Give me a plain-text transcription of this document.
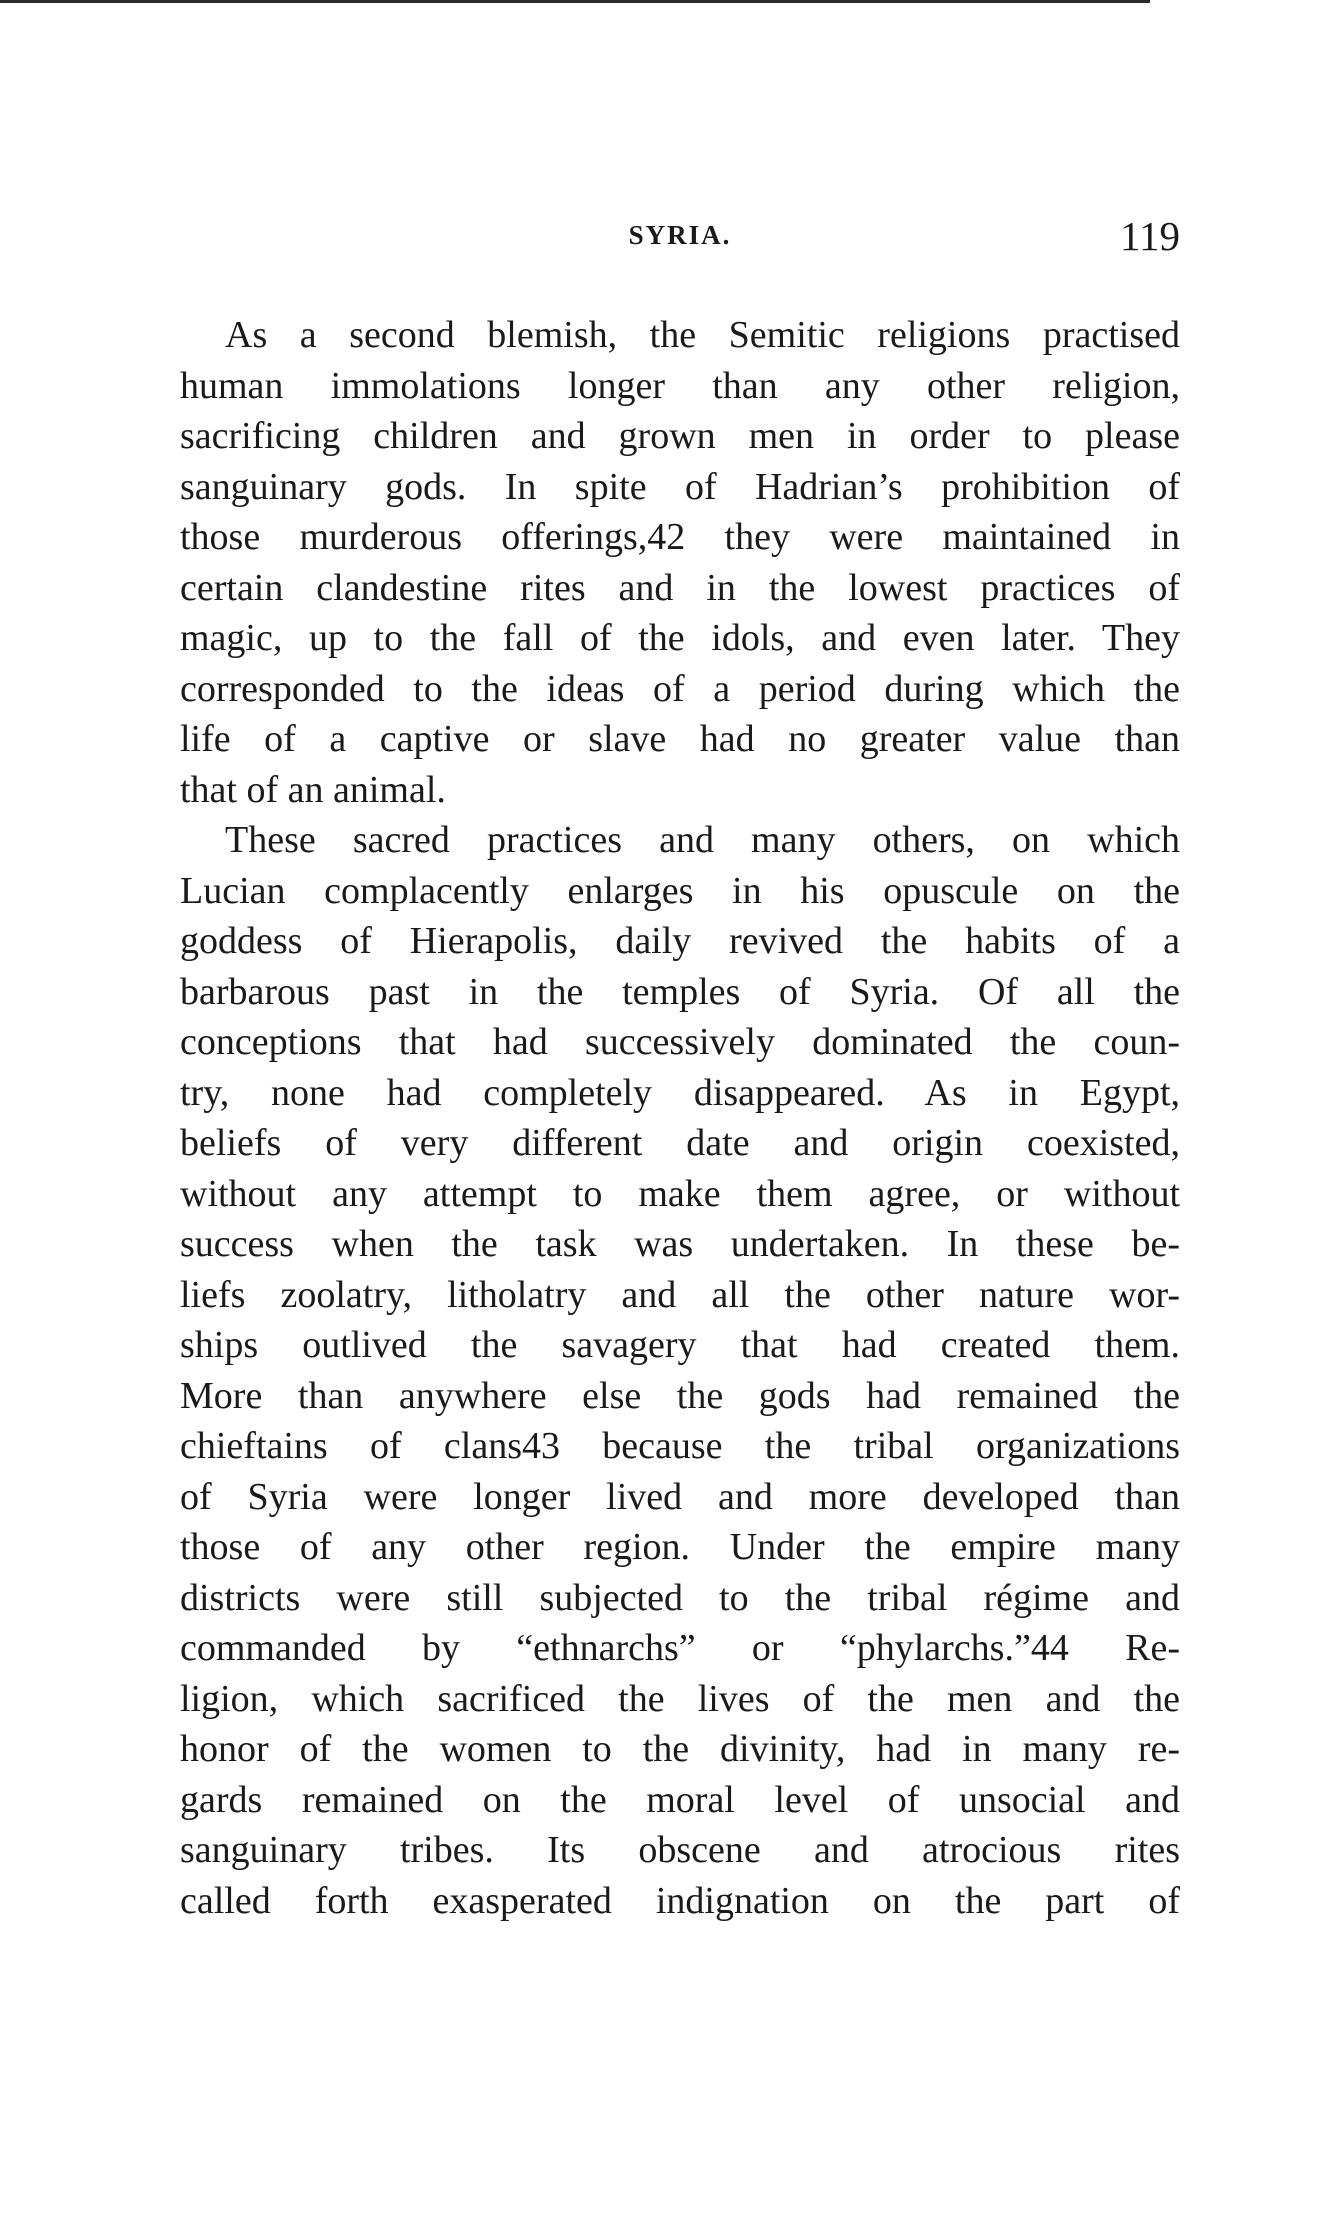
SYRIA.	119
As a second blemish, the Semitic religions practised
human immolations longer than any other religion,
sacrificing children and grown men in order to please
sanguinary gods. In spite of Hadrian’s prohibition of
those murderous offerings,42 they were maintained in
certain clandestine rites and in the lowest practices of
magic, up to the fall of the idols, and even later. They
corresponded to the ideas of a period during which the
life of a captive or slave had no greater value than
that of an animal.
These sacred practices and many others, on which
Lucian complacently enlarges in his opuscule on the
goddess of Hierapolis, daily revived the habits of a
barbarous past in the temples of Syria. Of all the
conceptions that had successively dominated the coun-
try, none had completely disappeared. As in Egypt,
beliefs of very different date and origin coexisted,
without any attempt to make them agree, or without
success when the task was undertaken. In these be-
liefs zoolatry, litholatry and all the other nature wor-
ships outlived the savagery that had created them.
More than anywhere else the gods had remained the
chieftains of clans43 because the tribal organizations
of Syria were longer lived and more developed than
those of any other region. Under the empire many
districts were still subjected to the tribal régime and
commanded by “ethnarchs” or “phylarchs.”44 Re-
ligion, which sacrificed the lives of the men and the
honor of the women to the divinity, had in many re-
gards remained on the moral level of unsocial and
sanguinary tribes. Its obscene and atrocious rites
called forth exasperated indignation on the part of
